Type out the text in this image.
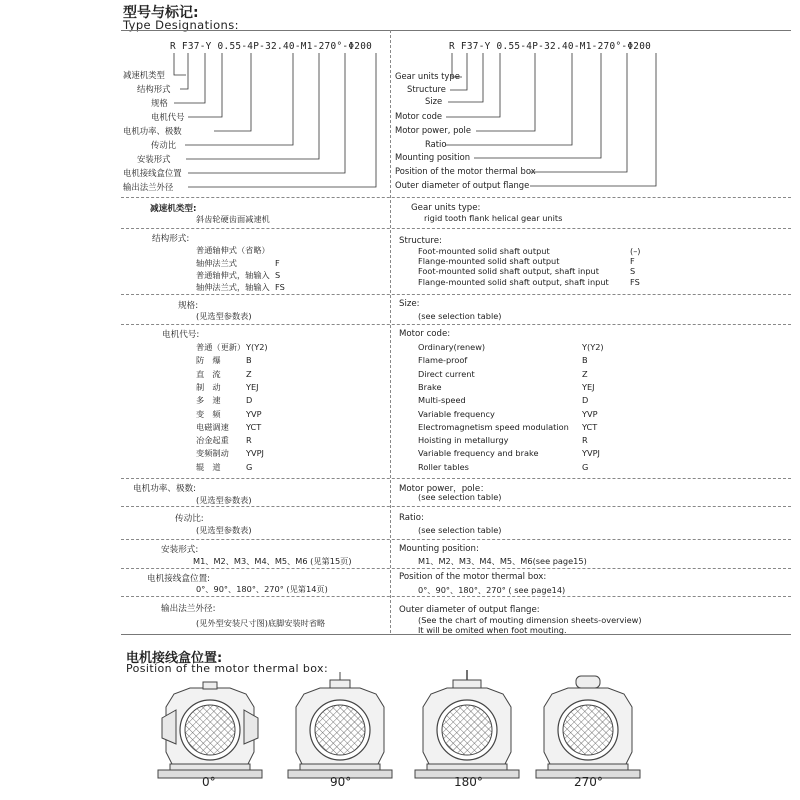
型号与标记:
Type Designations:
R F37-Y 0.55-4P-32.40-M1-270°-Φ200	R F37-Y 0.55-4P-32.40-M1-270°-Φ200
减速机类型
结构形式
规格
电机代号
电机功率、极数
传动比
安装形式
电机接线盒位置
输出法兰外径
Gear units type
Structure
Size
Motor code
Motor power, pole
Ratio
Mounting position
Position of the motor thermal box
Outer diameter of output flange
减速机类型:
斜齿轮硬齿面减速机
Gear units type:
rigid tooth flank helical gear units
结构形式:
普通轴伸式（省略）
轴伸法兰式	F
普通轴伸式，轴输入 S
轴伸法兰式，轴输入 FS
Structure:
Foot-mounted solid shaft output	(–)
Flange-mounted solid shaft output	F
Foot-mounted solid shaft output, shaft input	S
Flange-mounted solid shaft output, shaft input	FS
规格:
(见选型参数表)
Size:
(see selection table)
电机代号:	Motor code:
普通（更新） Y(Y2)
防　爆	B
直　流	Z
制　动	YEJ
多　速	D
变　频	YVP
电磁调速 YCT
冶金起重 R
变频制动 YVPJ
辊　道	G
Ordinary(renew)	Y(Y2)
Flame-proof	B
Direct current	Z
Brake	YEJ
Multi-speed	D
Variable frequency	YVP
Electromagnetism speed modulation YCT
Hoisting in metallurgy	R
Variable frequency and brake	YVPJ
Roller tables	G
电机功率、极数:
(见选型参数表)
Motor power，pole：
(see selection table)
传动比:
(见选型参数表)
Ratio:
(see selection table)
安装形式:
M1、M2、M3、M4、M5、M6 (见第15页)
Mounting position:
M1、M2、M3、M4、M5、M6(see page15)
电机接线盒位置:
0°、90°、180°、270° (见第14页)
Position of the motor thermal box:
0°、90°、180°、270° ( see page14)
输出法兰外径:
(见外型安装尺寸图)底脚安装时省略
Outer diameter of output flange:
(See the chart of mouting dimension sheets-overview)
It will be omited when foot mouting.
电机接线盒位置:
Position of the motor thermal box:
0°	90°	180°	270°
